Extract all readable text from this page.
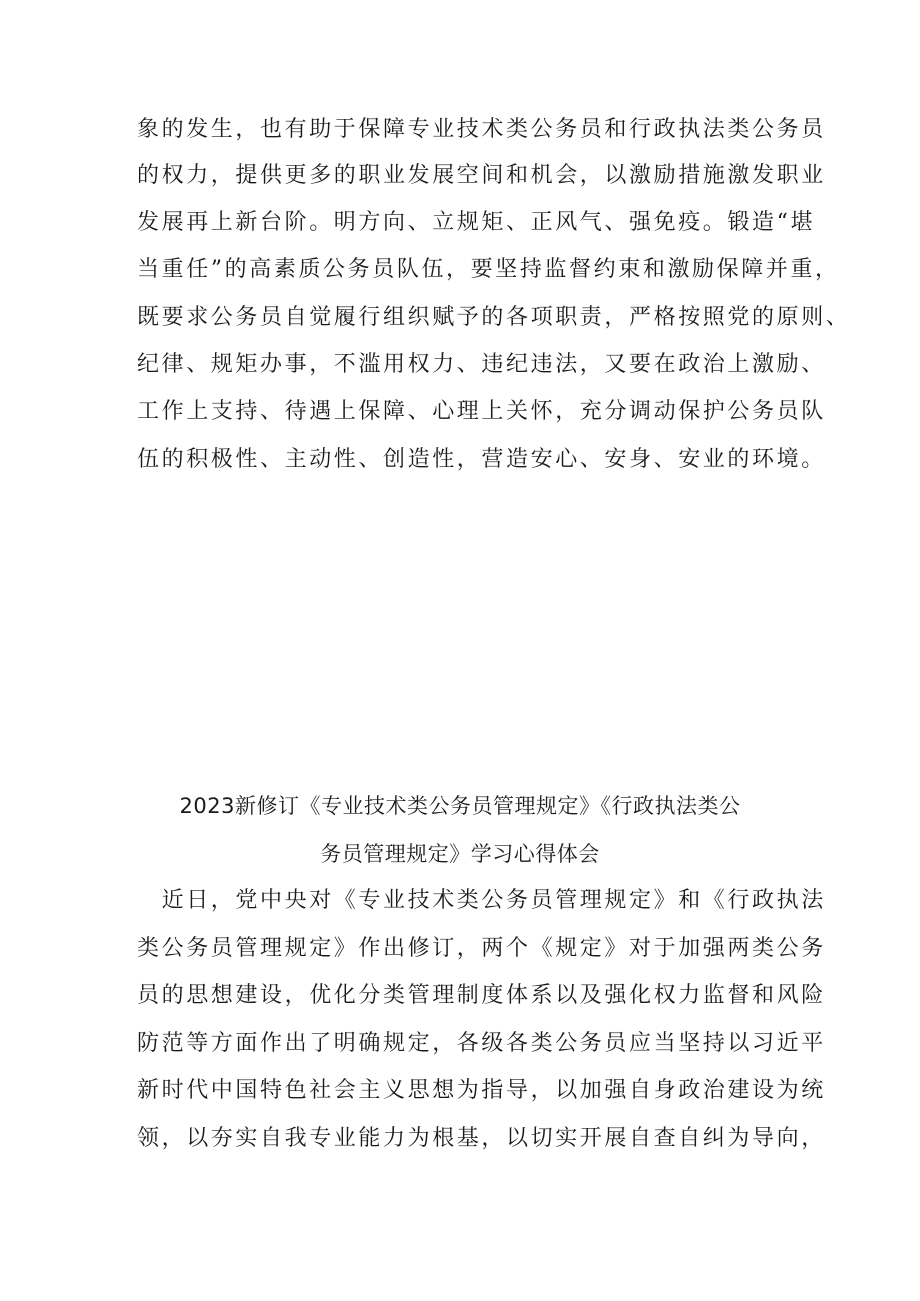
象的发生，也有助于保障专业技术类公务员和行政执法类公务员
的权力，提供更多的职业发展空间和机会，以激励措施激发职业
发展再上新台阶。明方向、立规矩、正风气、强免疫。锻造“堪
当重任”的高素质公务员队伍，要坚持监督约束和激励保障并重，
既要求公务员自觉履行组织赋予的各项职责，严格按照党的原则、
纪律、规矩办事，不滥用权力、违纪违法，又要在政治上激励、
工作上支持、待遇上保障、心理上关怀，充分调动保护公务员队
伍的积极性、主动性、创造性，营造安心、安身、安业的环境。
2023新修订《专业技术类公务员管理规定》《行政执法类公
务员管理规定》学习心得体会
　近日，党中央对《专业技术类公务员管理规定》和《行政执法
类公务员管理规定》作出修订，两个《规定》对于加强两类公务
员的思想建设，优化分类管理制度体系以及强化权力监督和风险
防范等方面作出了明确规定，各级各类公务员应当坚持以习近平
新时代中国特色社会主义思想为指导，以加强自身政治建设为统
领，以夯实自我专业能力为根基，以切实开展自查自纠为导向，
